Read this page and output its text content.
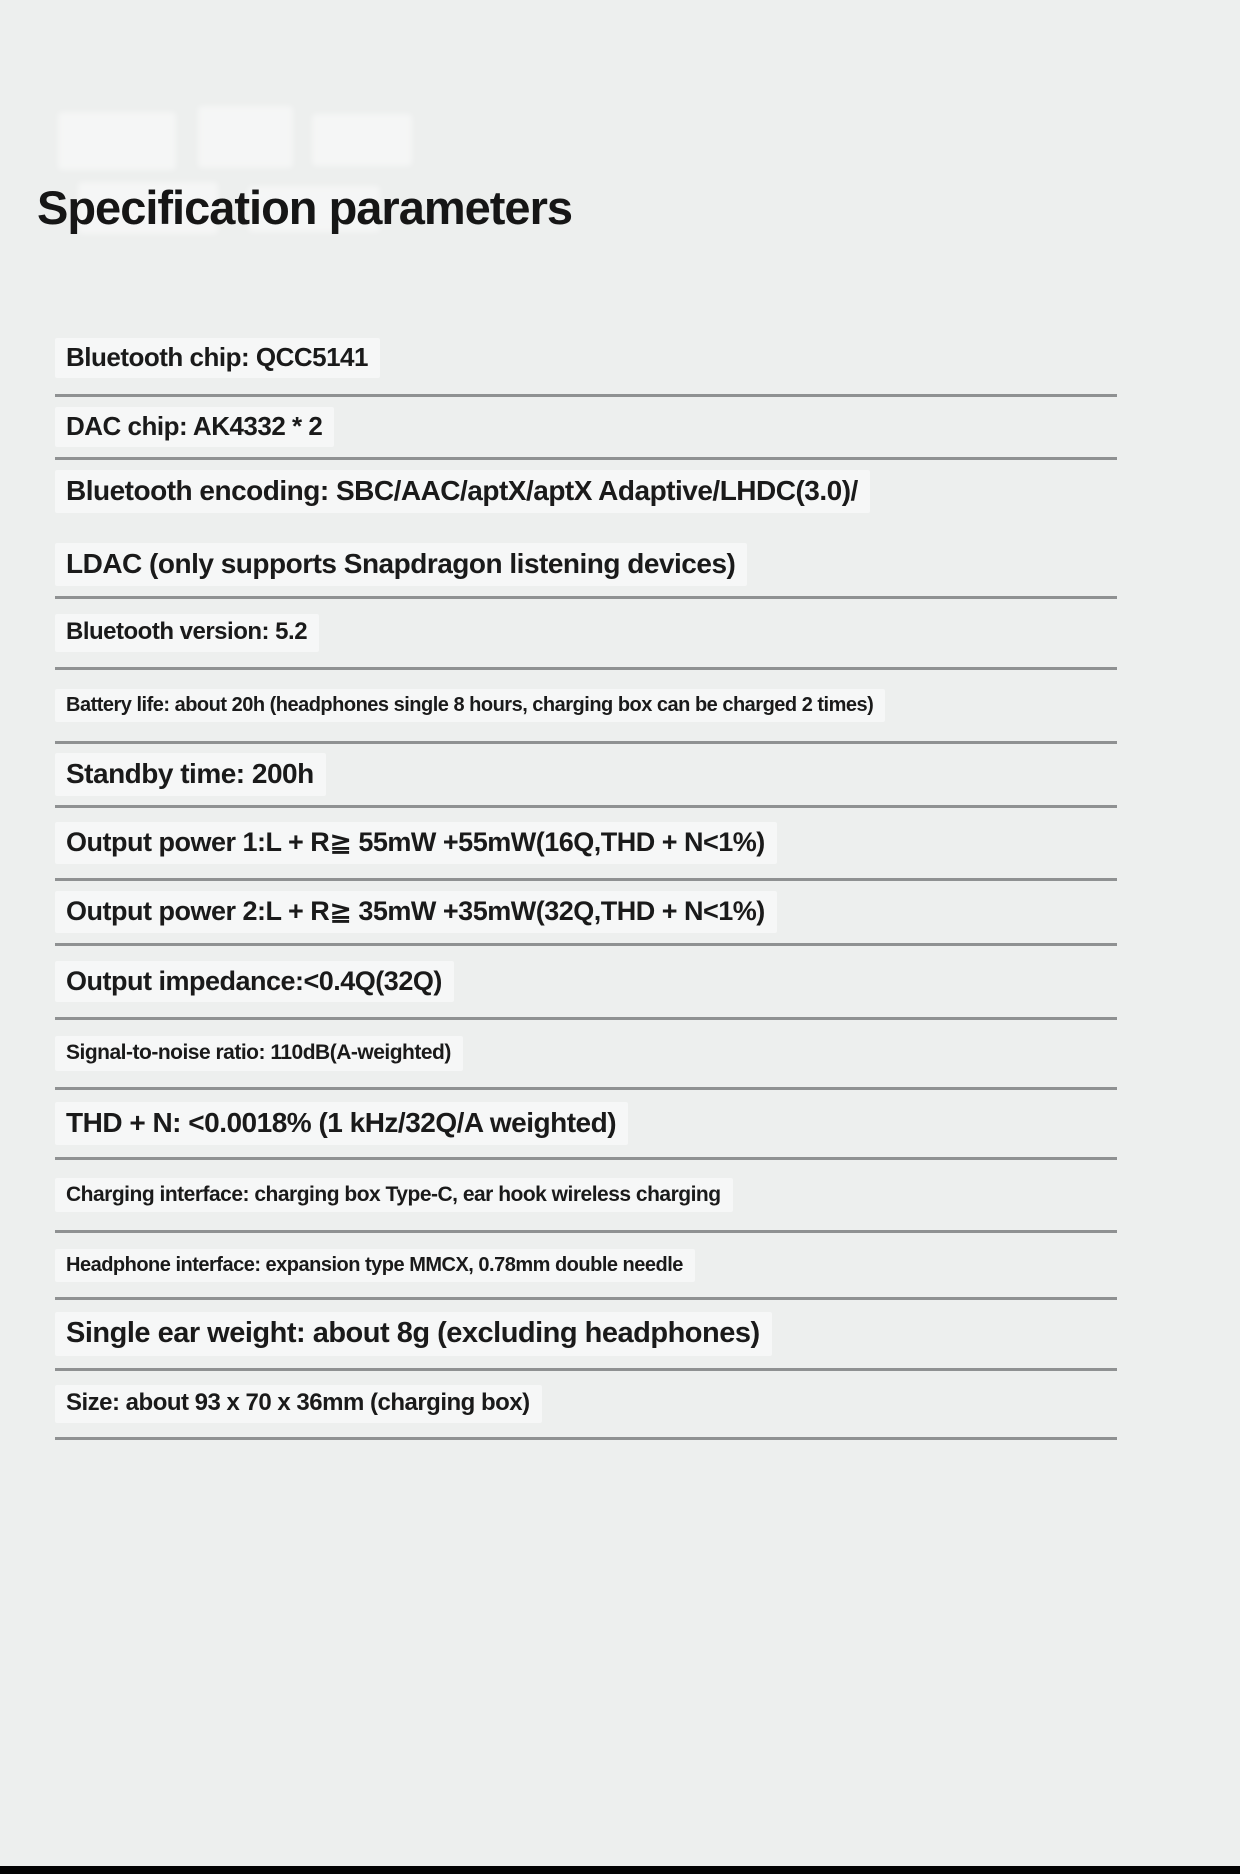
Specification parameters
Bluetooth chip: QCC5141
DAC chip: AK4332 * 2
Bluetooth encoding: SBC/AAC/aptX/aptX Adaptive/LHDC(3.0)/
LDAC (only supports Snapdragon listening devices)
Bluetooth version: 5.2
Battery life: about 20h (headphones single 8 hours, charging box can be charged 2 times)
Standby time: 200h
Output power 1:L + R≧ 55mW +55mW(16Q,THD + N<1%)
Output power 2:L + R≧ 35mW +35mW(32Q,THD + N<1%)
Output impedance:<0.4Q(32Q)
Signal-to-noise ratio: 110dB(A-weighted)
THD + N: <0.0018% (1 kHz/32Q/A weighted)
Charging interface: charging box Type-C, ear hook wireless charging
Headphone interface: expansion type MMCX, 0.78mm double needle
Single ear weight: about 8g (excluding headphones)
Size: about 93 x 70 x 36mm (charging box)
